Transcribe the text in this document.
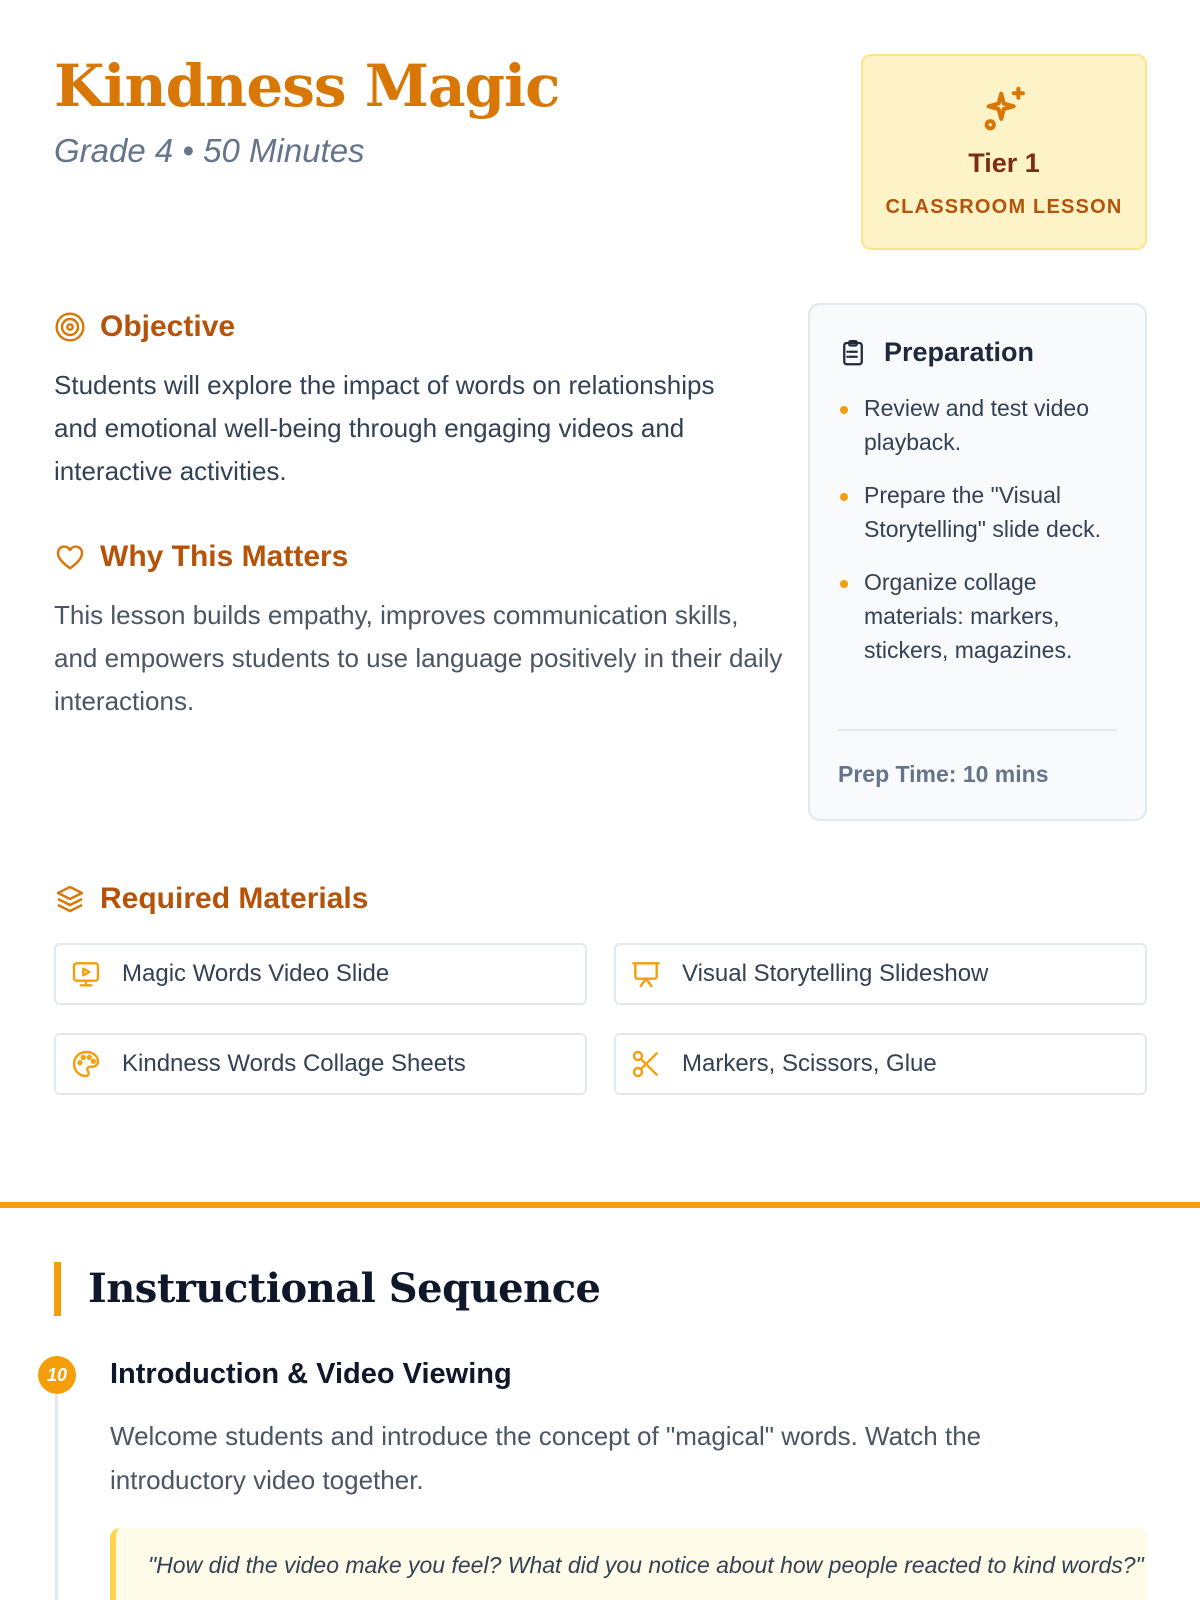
Kindness Magic
Grade 4 • 50 Minutes	Tier 1
CLASSROOM LESSON
Objective
Students will explore the impact of words on relationships and emotional well-being through engaging videos and interactive activities.
Why This Matters
This lesson builds empathy, improves communication skills, and empowers students to use language positively in their daily interactions.
Preparation
Review and test video playback.
Prepare the "Visual Storytelling" slide deck.
Organize collage materials: markers, stickers, magazines.
Prep Time: 10 mins
Required Materials
Magic Words Video Slide	Visual Storytelling Slideshow
Kindness Words Collage Sheets	Markers, Scissors, Glue
Instructional Sequence
10	Introduction & Video Viewing
Welcome students and introduce the concept of "magical" words. Watch the introductory video together.
"How did the video make you feel? What did you notice about how people reacted to kind words?"
